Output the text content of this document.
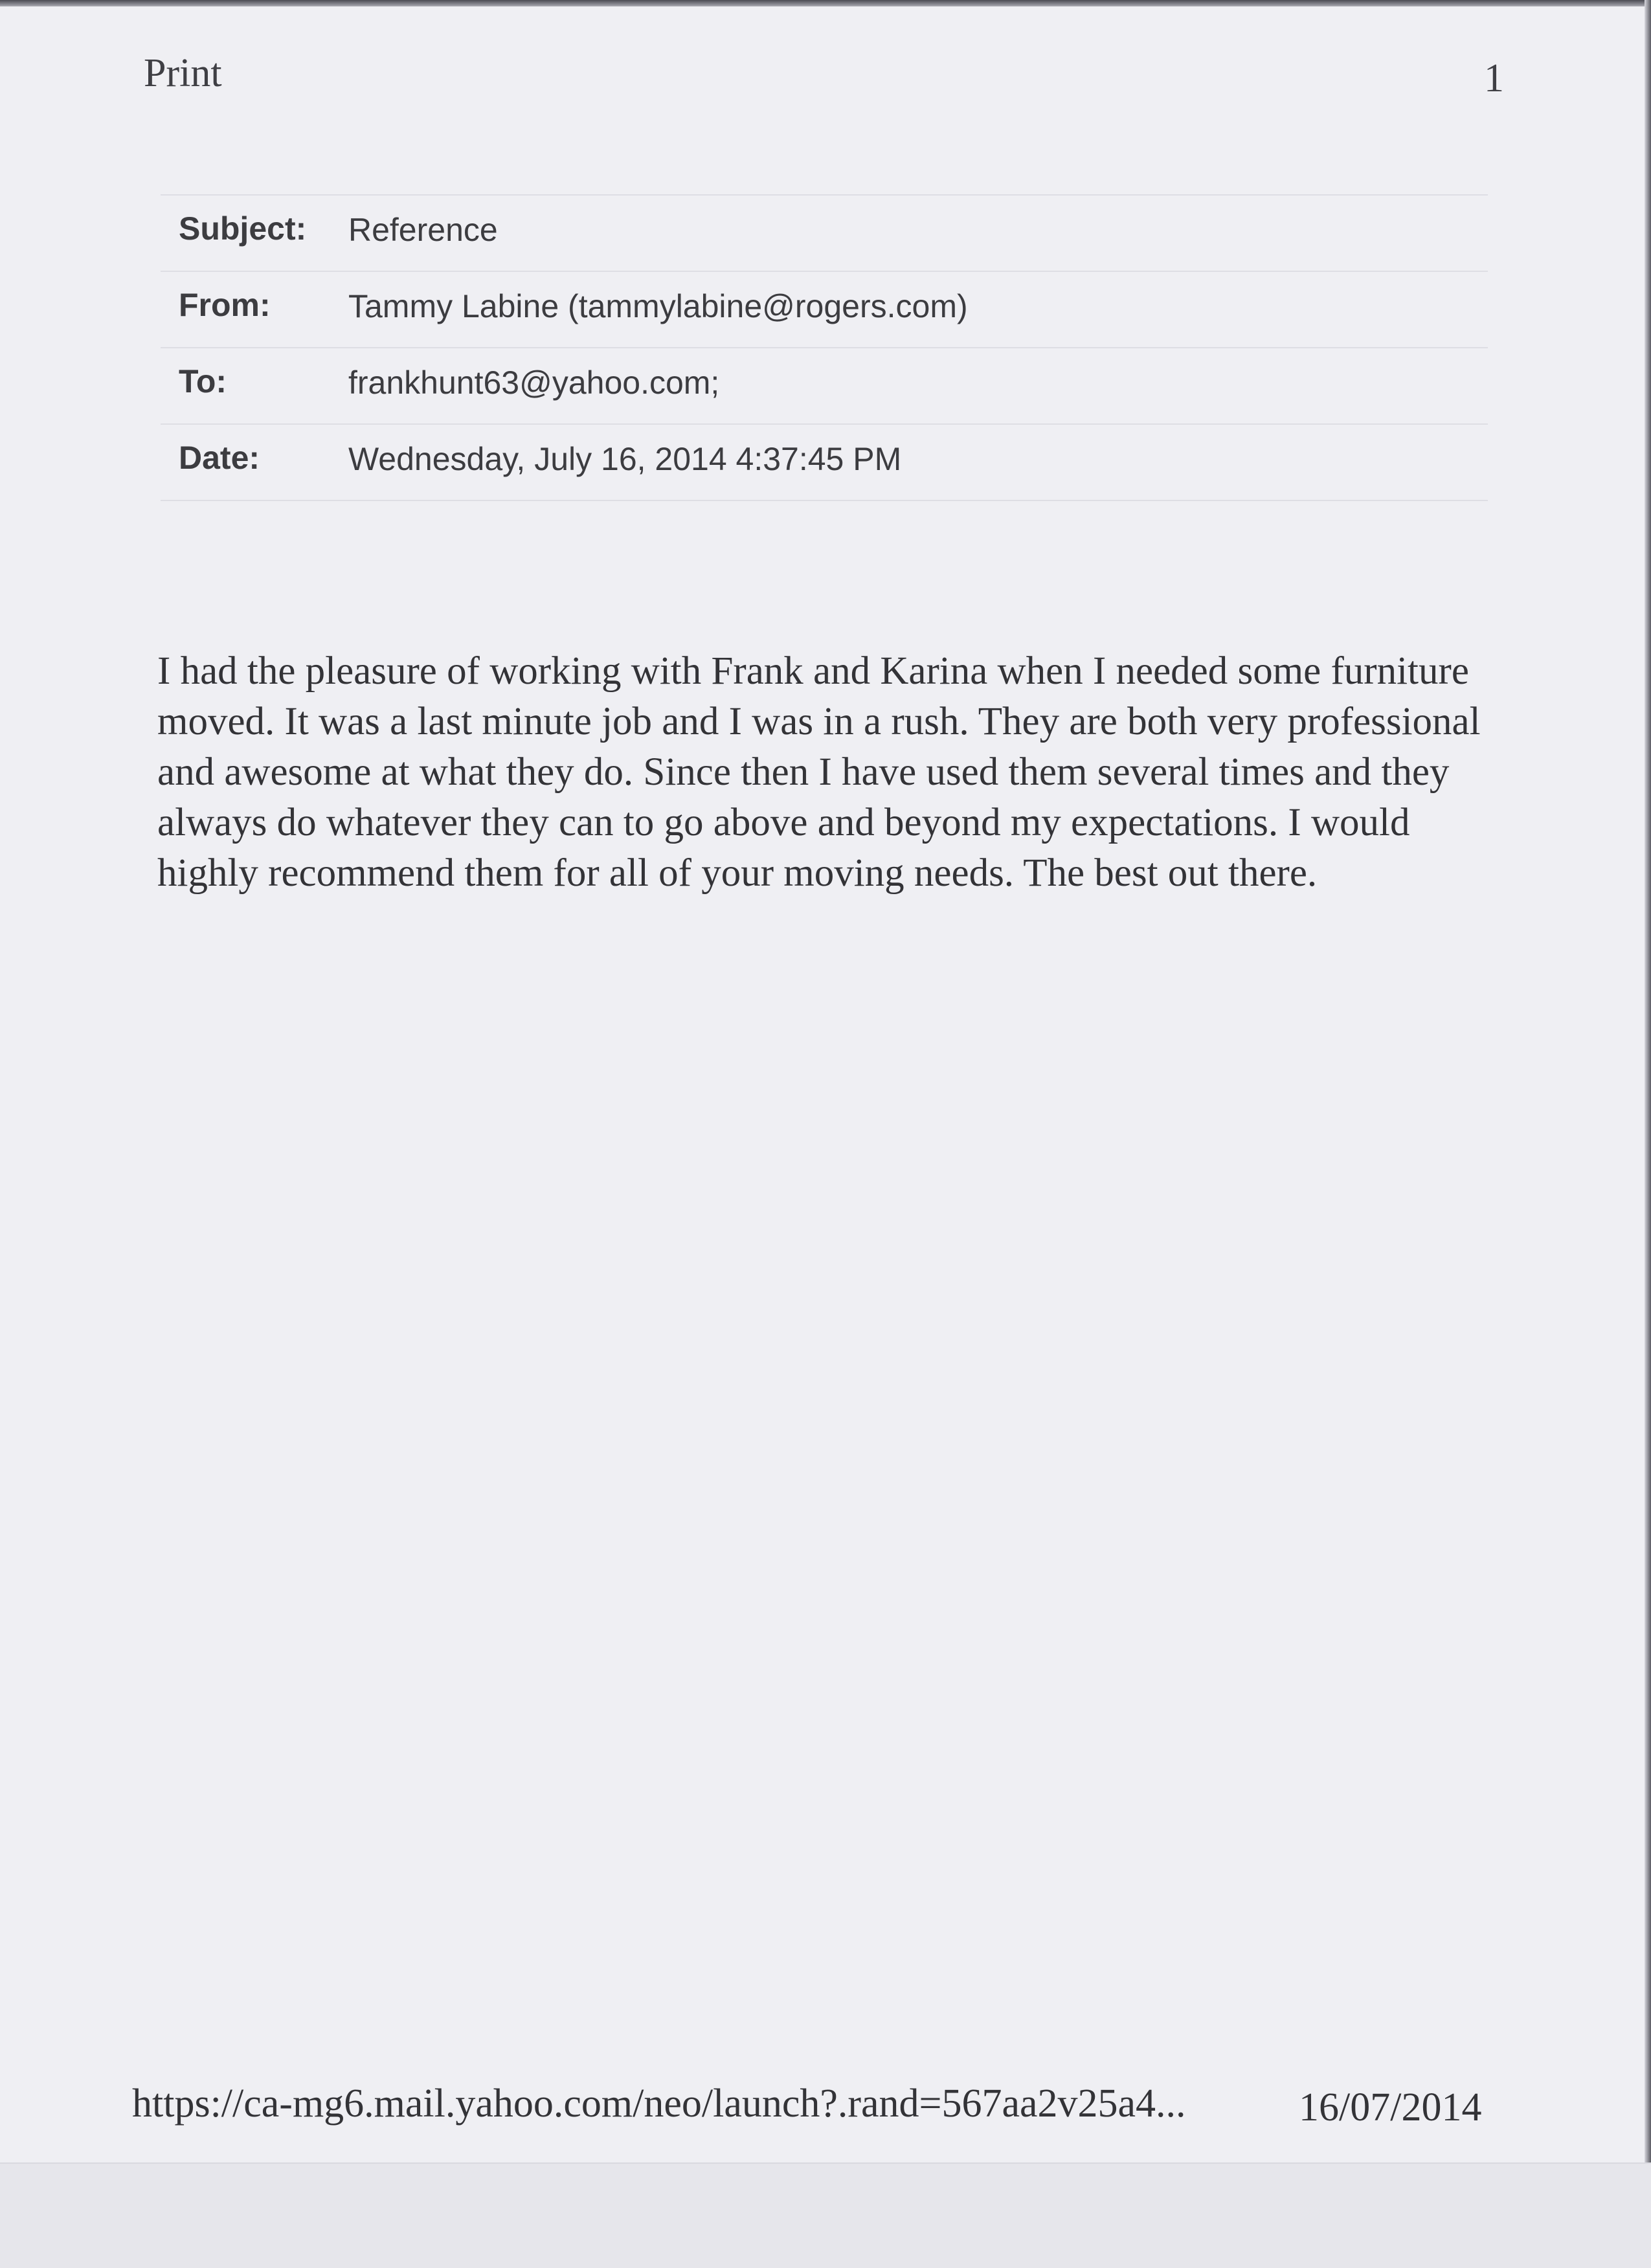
Print	1
Subject: Reference
From: Tammy Labine (tammylabine@rogers.com)
To:	frankhunt63@yahoo.com;
Date:	Wednesday, July 16, 2014 4:37:45 PM
I had the pleasure of working with Frank and Karina when I needed some furniture moved. It was a last minute job and I was in a rush. They are both very professional and awesome at what they do. Since then I have used them several times and they always do whatever they can to go above and beyond my expectations. I would highly recommend them for all of your moving needs. The best out there.
https://ca-mg6.mail.yahoo.com/neo/launch?.rand=567aa2v25a4...	16/07/2014
